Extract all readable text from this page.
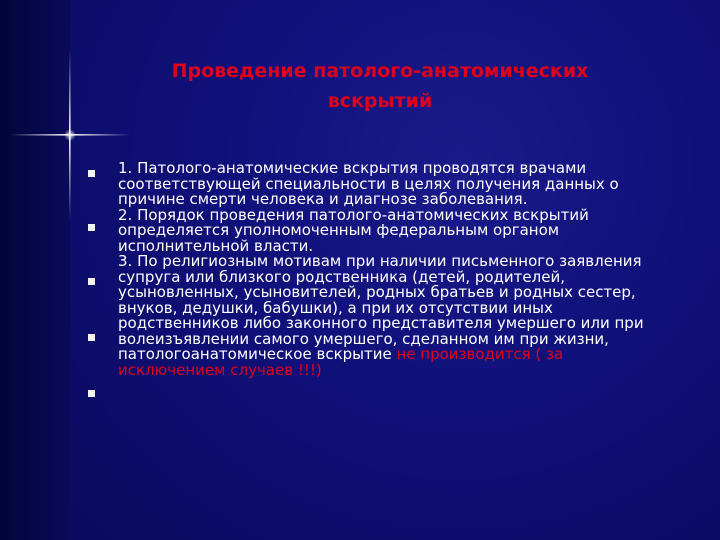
Проведение патолого-анатомических
вскрытий
1. Патолого-анатомические вскрытия проводятся врачами
соответствующей специальности в целях получения данных о
причине смерти человека и диагнозе заболевания.
2. Порядок проведения патолого-анатомических вскрытий
определяется уполномоченным федеральным органом
исполнительной власти.
3. По религиозным мотивам при наличии письменного заявления
супруга или близкого родственника (детей, родителей,
усыновленных, усыновителей, родных братьев и родных сестер,
внуков, дедушки, бабушки), а при их отсутствии иных
родственников либо законного представителя умершего или при
волеизъявлении самого умершего, сделанном им при жизни,
патологоанатомическое вскрытие не производится ( за
исключением случаев !!!)
